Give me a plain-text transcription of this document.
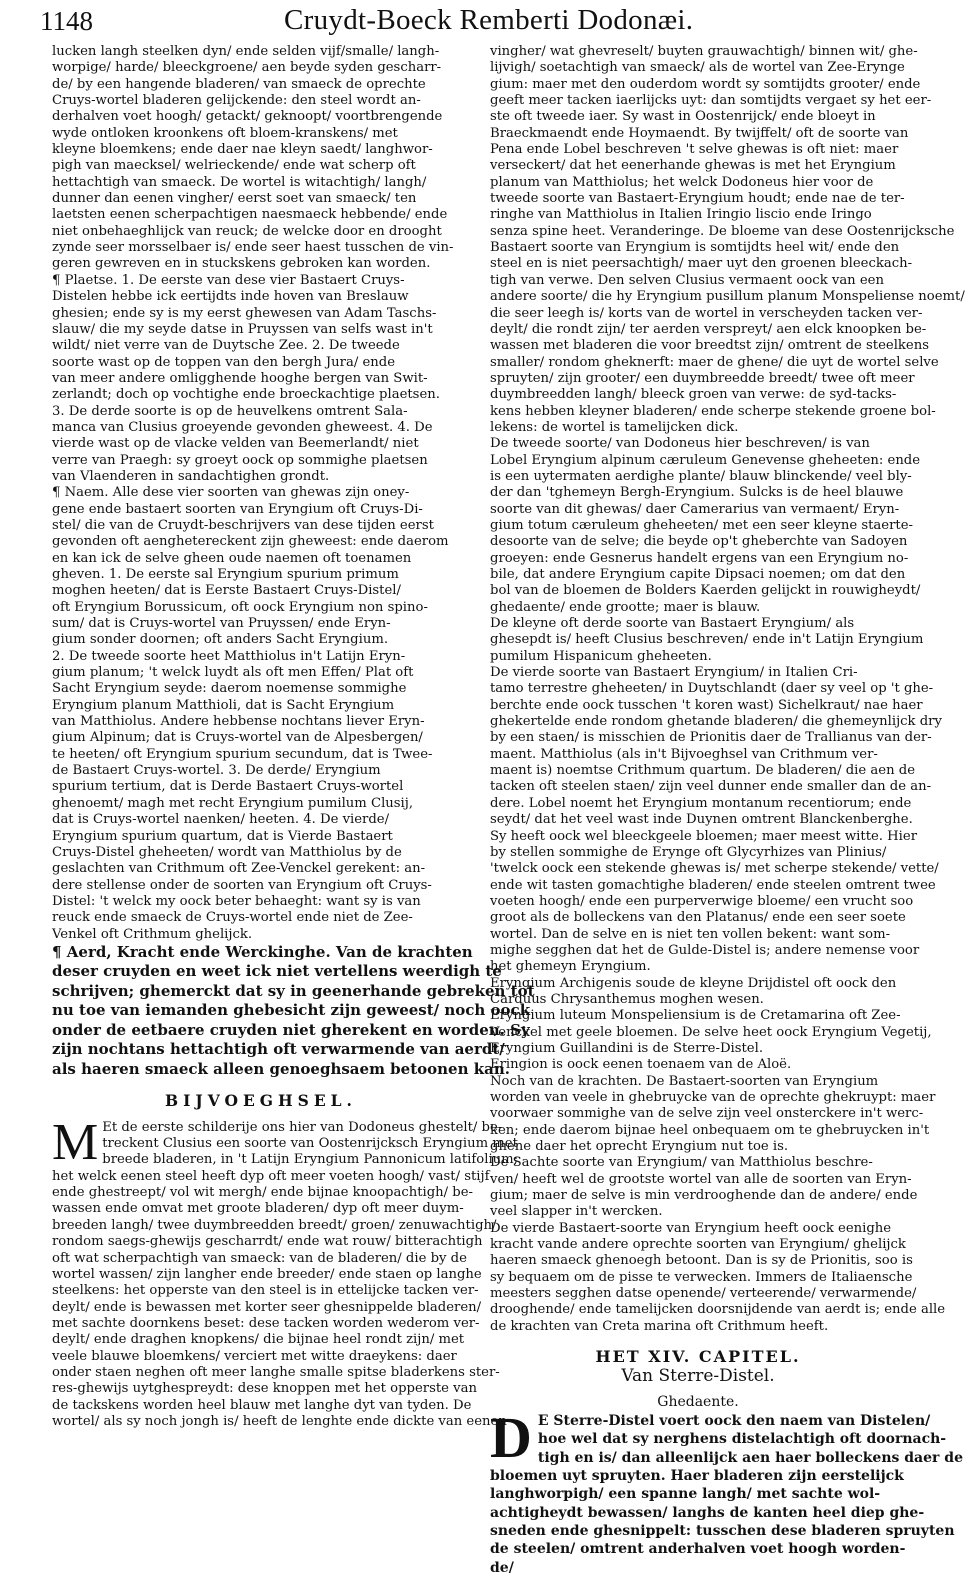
1148	Cruydt-Boeck Remberti Dodonæi.
lucken langh steelken dyn/ ende selden vijf/smalle/ langh-
worpige/ harde/ bleeckgroene/ aen beyde syden gescharr-
de/ by een hangende bladeren/ van smaeck de oprechte
Cruys-wortel bladeren gelijckende: den steel wordt an-
derhalven voet hoogh/ getackt/ geknoopt/ voortbrengende
wyde ontloken kroonkens oft bloem-kranskens/ met
kleyne bloemkens; ende daer nae kleyn saedt/ langhwor-
pigh van maecksel/ welrieckende/ ende wat scherp oft
hettachtigh van smaeck. De wortel is witachtigh/ langh/
dunner dan eenen vingher/ eerst soet van smaeck/ ten
laetsten eenen scherpachtigen naesmaeck hebbende/ ende
niet onbehaeghlijck van reuck; de welcke door en drooght
zynde seer morsselbaer is/ ende seer haest tusschen de vin-
geren gewreven en in stuckskens gebroken kan worden.
¶ Plaetse. 1. De eerste van dese vier Bastaert Cruys-
Distelen hebbe ick eertijdts inde hoven van Breslauw
ghesien; ende sy is my eerst ghewesen van Adam Taschs-
slauw/ die my seyde datse in Pruyssen van selfs wast in't
wildt/ niet verre van de Duytsche Zee. 2. De tweede
soorte wast op de toppen van den bergh Jura/ ende
van meer andere omligghende hooghe bergen van Swit-
zerlandt; doch op vochtighe ende broeckachtige plaetsen.
3. De derde soorte is op de heuvelkens omtrent Sala-
manca van Clusius groeyende gevonden gheweest. 4. De
vierde wast op de vlacke velden van Beemerlandt/ niet
verre van Praegh: sy groeyt oock op sommighe plaetsen
van Vlaenderen in sandachtighen grondt.
¶ Naem. Alle dese vier soorten van ghewas zijn oney-
gene ende bastaert soorten van Eryngium oft Cruys-Di-
stel/ die van de Cruydt-beschrijvers van dese tijden eerst
gevonden oft aenghetereckent zijn gheweest: ende daerom
en kan ick de selve gheen oude naemen oft toenamen
gheven. 1. De eerste sal Eryngium spurium primum
moghen heeten/ dat is Eerste Bastaert Cruys-Distel/
oft Eryngium Borussicum, oft oock Eryngium non spino-
sum/ dat is Cruys-wortel van Pruyssen/ ende Eryn-
gium sonder doornen; oft anders Sacht Eryngium.
2. De tweede soorte heet Matthiolus in't Latijn Eryn-
gium planum; 't welck luydt als oft men Effen/ Plat oft
Sacht Eryngium seyde: daerom noemense sommighe
Eryngium planum Matthioli, dat is Sacht Eryngium
van Matthiolus. Andere hebbense nochtans liever Eryn-
gium Alpinum; dat is Cruys-wortel van de Alpesbergen/
te heeten/ oft Eryngium spurium secundum, dat is Twee-
de Bastaert Cruys-wortel. 3. De derde/ Eryngium
spurium tertium, dat is Derde Bastaert Cruys-wortel
ghenoemt/ magh met recht Eryngium pumilum Clusij,
dat is Cruys-wortel naenken/ heeten. 4. De vierde/
Eryngium spurium quartum, dat is Vierde Bastaert
Cruys-Distel gheheeten/ wordt van Matthiolus by de
geslachten van Crithmum oft Zee-Venckel gerekent: an-
dere stellense onder de soorten van Eryngium oft Cruys-
Distel: 't welck my oock beter behaeght: want sy is van
reuck ende smaeck de Cruys-wortel ende niet de Zee-
Venkel oft Crithmum ghelijck.
¶ Aerd, Kracht ende Werckinghe. Van de krachten
deser cruyden en weet ick niet vertellens weerdigh te
schrijven; ghemerckt dat sy in geenerhande gebreken tot
nu toe van iemanden ghebesicht zijn geweest/ noch oock
onder de eetbaere cruyden niet gherekent en worden. Sy
zijn nochtans hettachtigh oft verwarmende van aerdt/
als haeren smaeck alleen genoeghsaem betoonen kan.
BIJVOEGHSEL.
M Et de eerste schilderije ons hier van Dodoneus ghestelt/ be-
treckent Clusius een soorte van Oostenrijcksch Eryngium met
breede bladeren, in 't Latijn Eryngium Pannonicum latifolium;
het welck eenen steel heeft dyp oft meer voeten hoogh/ vast/ stijf
ende ghestreept/ vol wit mergh/ ende bijnae knoopachtigh/ be-
wassen ende omvat met groote bladeren/ dyp oft meer duym-
breeden langh/ twee duymbreedden breedt/ groen/ zenuwachtigh/
rondom saegs-ghewijs gescharrdt/ ende wat rouw/ bitterachtigh
oft wat scherpachtigh van smaeck: van de bladeren/ die by de
wortel wassen/ zijn langher ende breeder/ ende staen op langhe
steelkens: het opperste van den steel is in ettelijcke tacken ver-
deylt/ ende is bewassen met korter seer ghesnippelde bladeren/
met sachte doornkens beset: dese tacken worden wederom ver-
deylt/ ende draghen knopkens/ die bijnae heel rondt zijn/ met
veele blauwe bloemkens/ verciert met witte draeykens: daer
onder staen neghen oft meer langhe smalle spitse bladerkens ster-
res-ghewijs uytghespreydt: dese knoppen met het opperste van
de tackskens worden heel blauw met langhe dyt van tyden. De
wortel/ als sy noch jongh is/ heeft de lenghte ende dickte van eenen
vingher/ wat ghevreselt/ buyten grauwachtigh/ binnen wit/ ghe-
lijvigh/ soetachtigh van smaeck/ als de wortel van Zee-Erynge
gium: maer met den ouderdom wordt sy somtijdts grooter/ ende
geeft meer tacken iaerlijcks uyt: dan somtijdts vergaet sy het eer-
ste oft tweede iaer. Sy wast in Oostenrijck/ ende bloeyt in
Braeckmaendt ende Hoymaendt. By twijffelt/ oft de soorte van
Pena ende Lobel beschreven 't selve ghewas is oft niet: maer
verseckert/ dat het eenerhande ghewas is met het Eryngium
planum van Matthiolus; het welck Dodoneus hier voor de
tweede soorte van Bastaert-Eryngium houdt; ende nae de ter-
ringhe van Matthiolus in Italien Iringio liscio ende Iringo
senza spine heet. Veranderinge. De bloeme van dese Oostenrijcksche
Bastaert soorte van Eryngium is somtijdts heel wit/ ende den
steel en is niet peersachtigh/ maer uyt den groenen bleeckach-
tigh van verwe. Den selven Clusius vermaent oock van een
andere soorte/ die hy Eryngium pusillum planum Monspeliense noemt/
die seer leegh is/ korts van de wortel in verscheyden tacken ver-
deylt/ die rondt zijn/ ter aerden verspreyt/ aen elck knoopken be-
wassen met bladeren die voor breedtst zijn/ omtrent de steelkens
smaller/ rondom gheknerft: maer de ghene/ die uyt de wortel selve
spruyten/ zijn grooter/ een duymbreedde breedt/ twee oft meer
duymbreedden langh/ bleeck groen van verwe: de syd-tacks-
kens hebben kleyner bladeren/ ende scherpe stekende groene bol-
lekens: de wortel is tamelijcken dick.
De tweede soorte/ van Dodoneus hier beschreven/ is van
Lobel Eryngium alpinum cæruleum Genevense gheheeten: ende
is een uytermaten aerdighe plante/ blauw blinckende/ veel bly-
der dan 'tghemeyn Bergh-Eryngium. Sulcks is de heel blauwe
soorte van dit ghewas/ daer Camerarius van vermaent/ Eryn-
gium totum cæruleum gheheeten/ met een seer kleyne staerte-
desoorte van de selve; die beyde op't gheberchte van Sadoyen
groeyen: ende Gesnerus handelt ergens van een Eryngium no-
bile, dat andere Eryngium capite Dipsaci noemen; om dat den
bol van de bloemen de Bolders Kaerden gelijckt in rouwigheydt/
ghedaente/ ende grootte; maer is blauw.
De kleyne oft derde soorte van Bastaert Eryngium/ als
ghesepdt is/ heeft Clusius beschreven/ ende in't Latijn Eryngium
pumilum Hispanicum gheheeten.
De vierde soorte van Bastaert Eryngium/ in Italien Cri-
tamo terrestre gheheeten/ in Duytschlandt (daer sy veel op 't ghe-
berchte ende oock tusschen 't koren wast) Sichelkraut/ nae haer
ghekertelde ende rondom ghetande bladeren/ die ghemeynlijck dry
by een staen/ is misschien de Prionitis daer de Trallianus van der-
maent. Matthiolus (als in't Bijvoeghsel van Crithmum ver-
maent is) noemtse Crithmum quartum. De bladeren/ die aen de
tacken oft steelen staen/ zijn veel dunner ende smaller dan de an-
dere. Lobel noemt het Eryngium montanum recentiorum; ende
seydt/ dat het veel wast inde Duynen omtrent Blanckenberghe.
Sy heeft oock wel bleeckgeele bloemen; maer meest witte. Hier
by stellen sommighe de Erynge oft Glycyrhizes van Plinius/
'twelck oock een stekende ghewas is/ met scherpe stekende/ vette/
ende wit tasten gomachtighe bladeren/ ende steelen omtrent twee
voeten hoogh/ ende een purperverwige bloeme/ een vrucht soo
groot als de bolleckens van den Platanus/ ende een seer soete
wortel. Dan de selve en is niet ten vollen bekent: want som-
mighe segghen dat het de Gulde-Distel is; andere nemense voor
het ghemeyn Eryngium.
Eryngium Archigenis soude de kleyne Drijdistel oft oock den
Carduus Chrysanthemus moghen wesen.
Eryngium luteum Monspeliensium is de Cretamarina oft Zee-
Venckel met geele bloemen. De selve heet oock Eryngium Vegetij,
Eryngium Guillandini is de Sterre-Distel.
Eringion is oock eenen toenaem van de Aloë.
Noch van de krachten. De Bastaert-soorten van Eryngium
worden van veele in ghebruycke van de oprechte ghekruypt: maer
voorwaer sommighe van de selve zijn veel onsterckere in't werc-
ken; ende daerom bijnae heel onbequaem om te ghebruycken in't
ghene daer het oprecht Eryngium nut toe is.
De Sachte soorte van Eryngium/ van Matthiolus beschre-
ven/ heeft wel de grootste wortel van alle de soorten van Eryn-
gium; maer de selve is min verdrooghende dan de andere/ ende
veel slapper in't wercken.
De vierde Bastaert-soorte van Eryngium heeft oock eenighe
kracht vande andere oprechte soorten van Eryngium/ ghelijck
haeren smaeck ghenoegh betoont. Dan is sy de Prionitis, soo is
sy bequaem om de pisse te verwecken. Immers de Italiaensche
meesters segghen datse openende/ verteerende/ verwarmende/
drooghende/ ende tamelijcken doorsnijdende van aerdt is; ende alle
de krachten van Creta marina oft Crithmum heeft.
HET XIV. CAPITEL.
Van Sterre-Distel.
Ghedaente.
D E Sterre-Distel voert oock den naem van Distelen/
hoe wel dat sy nerghens distelachtigh oft doornach-
tigh en is/ dan alleenlijck aen haer bolleckens daer de
bloemen uyt spruyten. Haer bladeren zijn eerstelijck
langhworpigh/ een spanne langh/ met sachte wol-
achtigheydt bewassen/ langhs de kanten heel diep ghe-
sneden ende ghesnippelt: tusschen dese bladeren spruyten
de steelen/ omtrent anderhalven voet hoogh worden-
de/
